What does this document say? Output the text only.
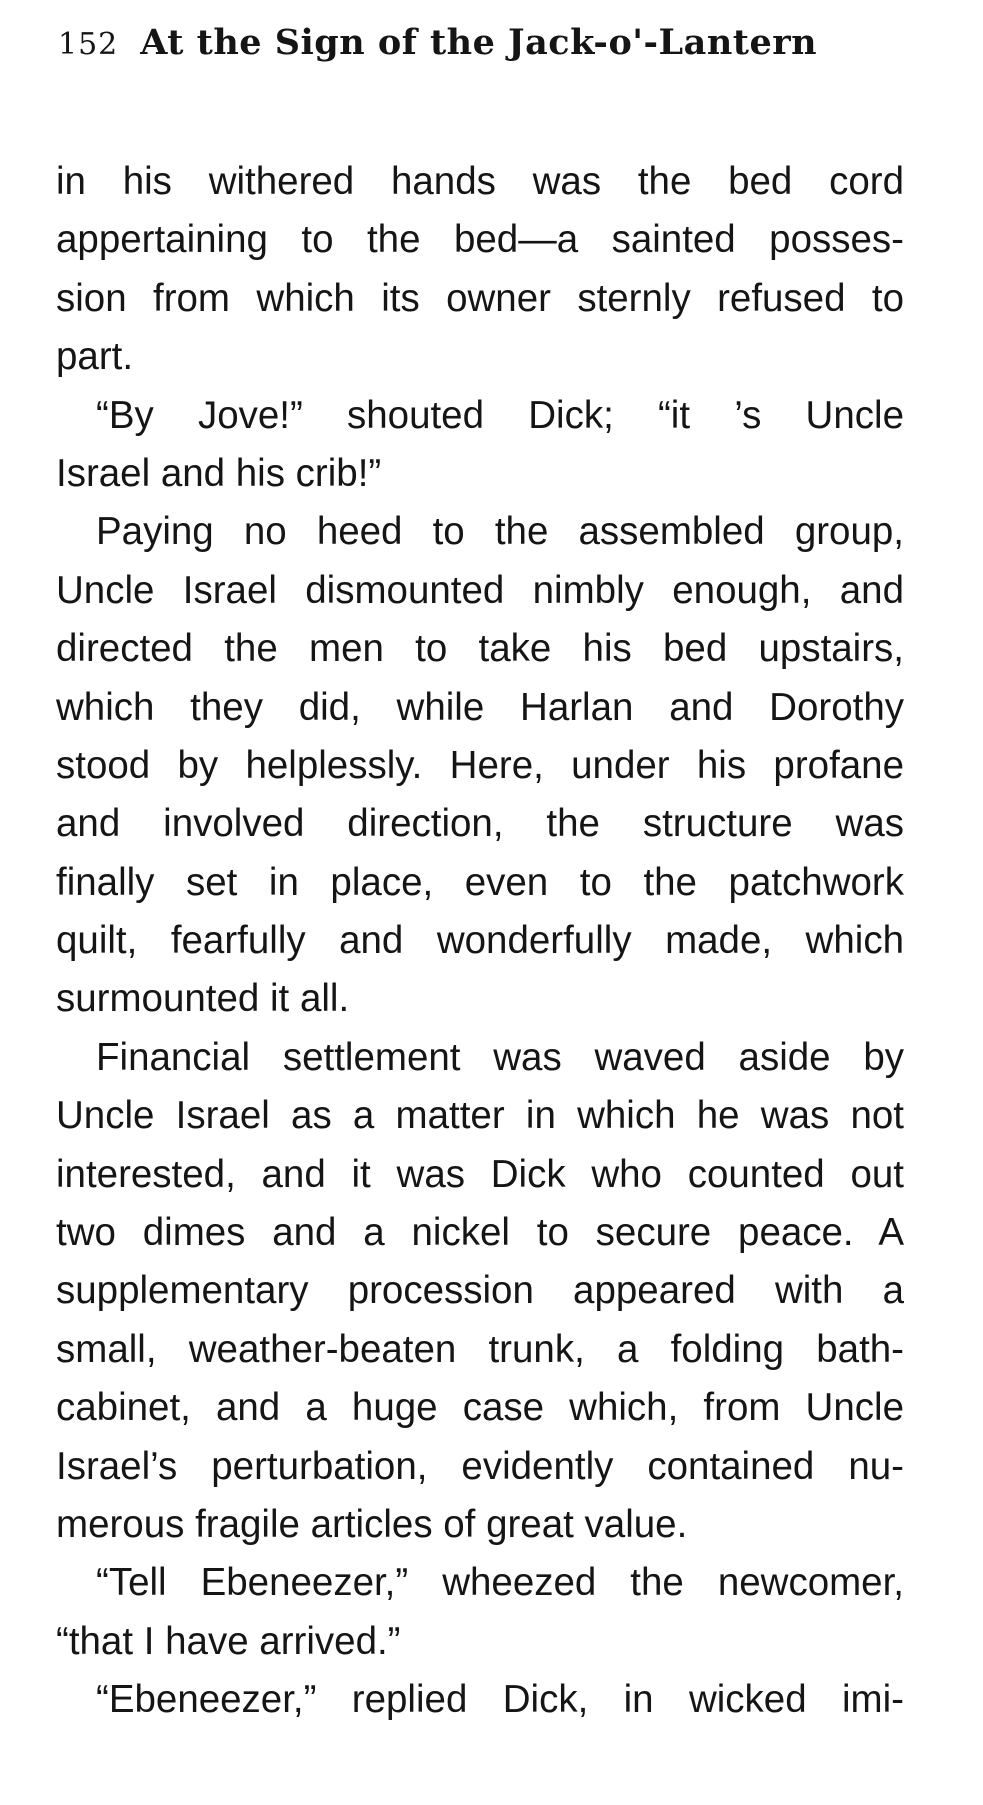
152 At the Sign of the Jack-o'-Lantern
in his withered hands was the bed cord
appertaining to the bed—a sainted posses-
sion from which its owner sternly refused to
part.
“By Jove!” shouted Dick; “it ’s Uncle
Israel and his crib!”
Paying no heed to the assembled group,
Uncle Israel dismounted nimbly enough, and
directed the men to take his bed upstairs,
which they did, while Harlan and Dorothy
stood by helplessly. Here, under his profane
and involved direction, the structure was
finally set in place, even to the patchwork
quilt, fearfully and wonderfully made, which
surmounted it all.
Financial settlement was waved aside by
Uncle Israel as a matter in which he was not
interested, and it was Dick who counted out
two dimes and a nickel to secure peace. A
supplementary procession appeared with a
small, weather-beaten trunk, a folding bath-
cabinet, and a huge case which, from Uncle
Israel’s perturbation, evidently contained nu-
merous fragile articles of great value.
“Tell Ebeneezer,” wheezed the newcomer,
“that I have arrived.”
“Ebeneezer,” replied Dick, in wicked imi-
